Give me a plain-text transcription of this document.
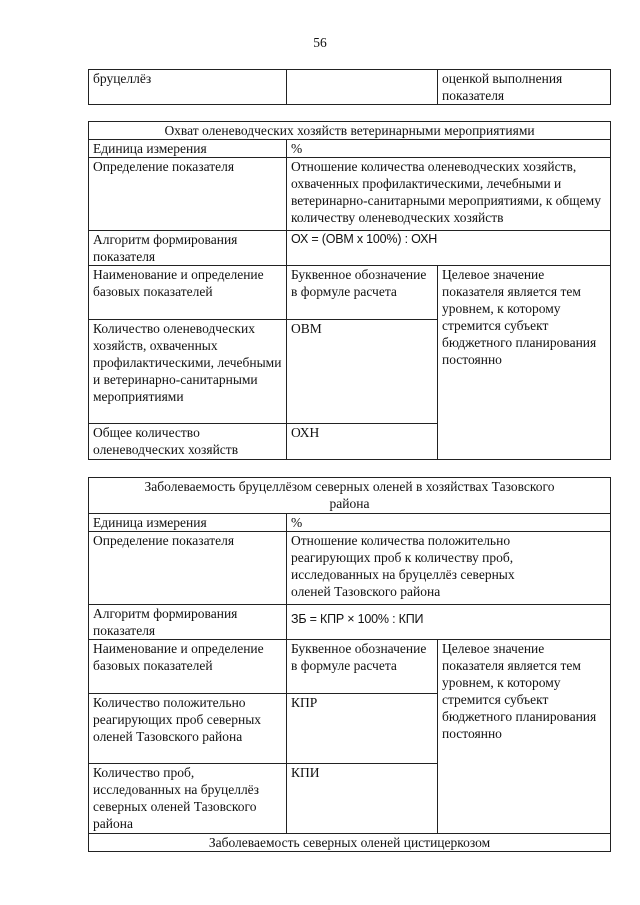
56
бруцеллёз		оценкой выполнения показателя
Охват оленеводческих хозяйств ветеринарными мероприятиями		
Единица измерения	%	
Определение показателя	Отношение количества оленеводческих хозяйств, охваченных профилактическими, лечебными и ветеринарно-санитарными мероприятиями, к общему количеству оленеводческих хозяйств	
Алгоритм формирования показателя	ОХ = (ОВМ х 100%) : ОХН	
Наименование и определение базовых показателей	Буквенное обозначение в формуле расчета	Целевое значение показателя является тем уровнем, к которому стремится субъект бюджетного планирования постоянно
Количество оленеводческих хозяйств, охваченных профилактическими, лечебными и ветеринарно-санитарными мероприятиями	ОВМ	
Общее количество оленеводческих хозяйств	ОХН	
Заболеваемость бруцеллёзом северных оленей в хозяйствах Тазовского района		
Единица измерения	%	
Определение показателя	Отношение количества положительно реагирующих проб к количеству проб, исследованных на бруцеллёз северных оленей Тазовского района	
Алгоритм формирования показателя	ЗБ = КПР × 100% : КПИ	
Наименование и определение базовых показателей	Буквенное обозначение в формуле расчета	Целевое значение показателя является тем уровнем, к которому стремится субъект бюджетного планирования постоянно
Количество положительно реагирующих проб северных оленей Тазовского района	КПР	
Количество проб, исследованных на бруцеллёз северных оленей Тазовского района	КПИ	
Заболеваемость северных оленей цистицеркозом		
